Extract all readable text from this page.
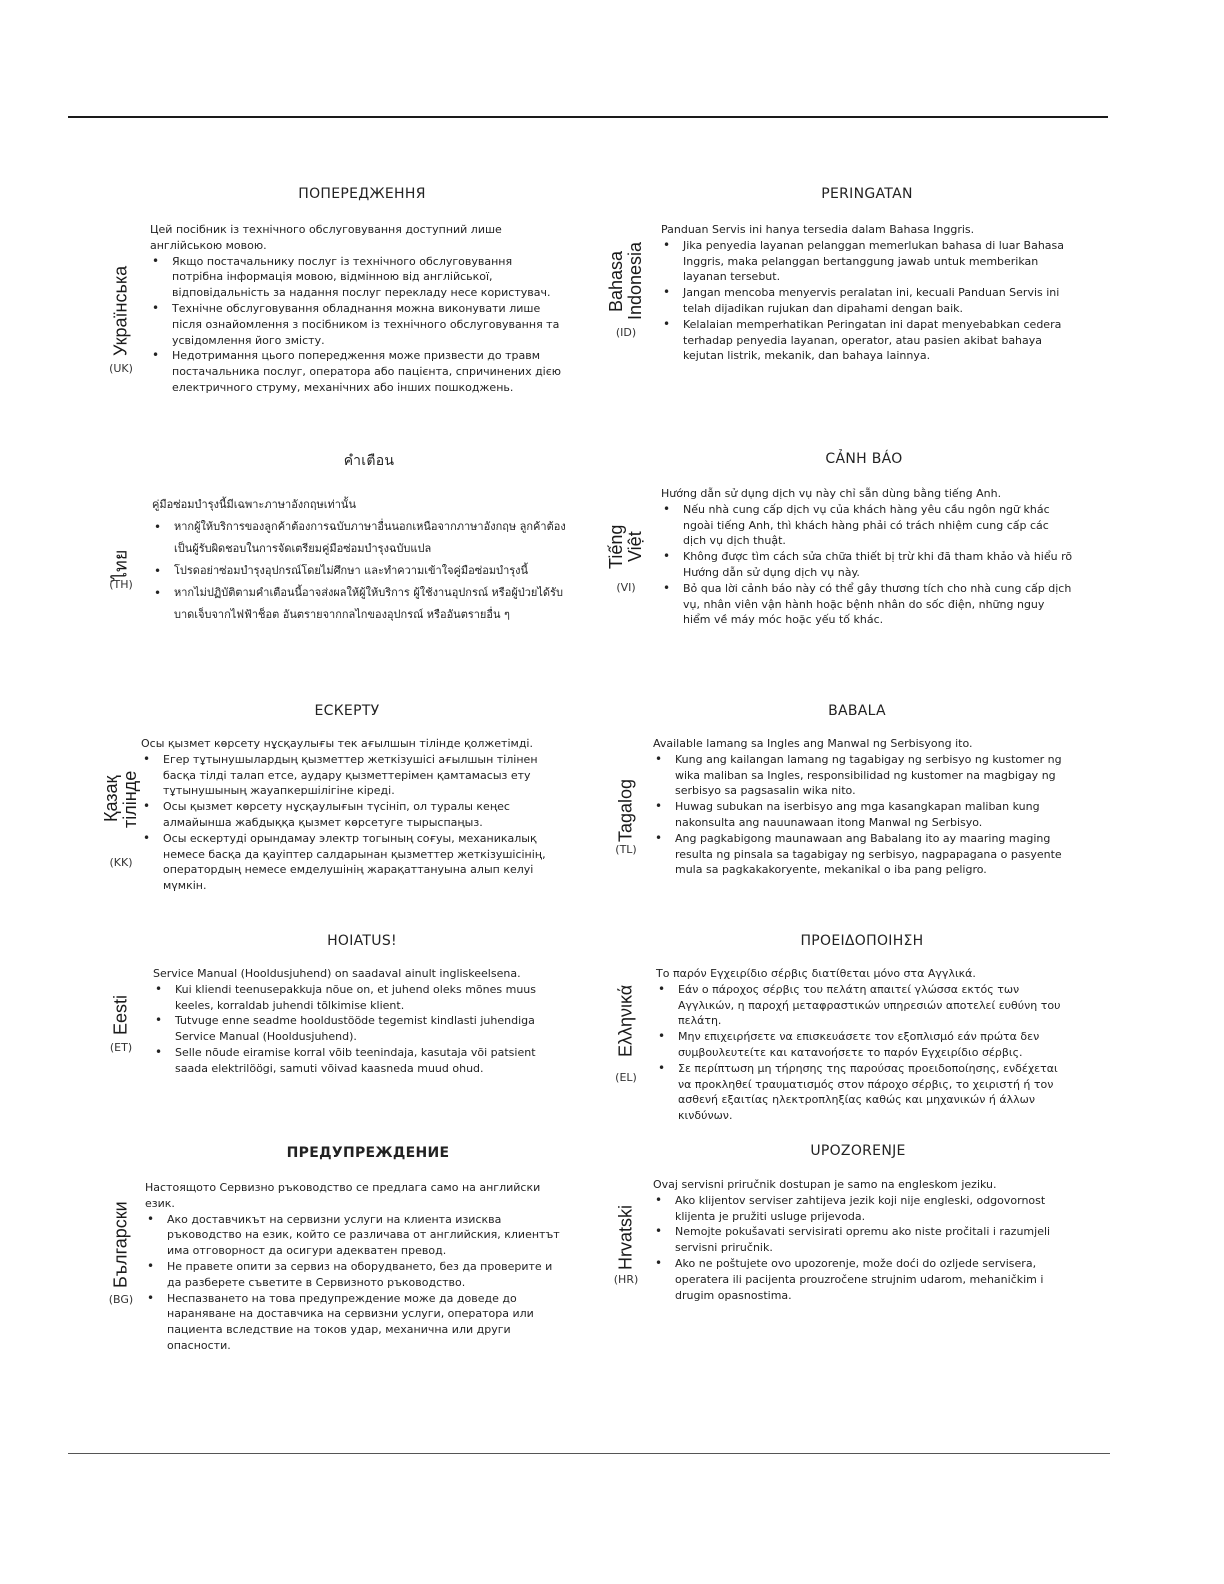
Українська
(UK)
ПОПЕРЕДЖЕННЯ

Цей посібник із технічного обслуговування доступний лише англійською мовою.

• Якщо постачальнику послуг із технічного обслуговування потрібна інформація мовою, відмінною від англійської, відповідальність за надання послуг перекладу несе користувач.
• Технічне обслуговування обладнання можна виконувати лише після ознайомлення з посібником із технічного обслуговування та усвідомлення його змісту.
• Недотримання цього попередження може призвести до травм постачальника послуг, оператора або пацієнта, спричинених дією електричного струму, механічних або інших пошкоджень.
Bahasa
Indonesia
(ID)
PERINGATAN

Panduan Servis ini hanya tersedia dalam Bahasa Inggris.

• Jika penyedia layanan pelanggan memerlukan bahasa di luar Bahasa Inggris, maka pelanggan bertanggung jawab untuk memberikan layanan tersebut.
• Jangan mencoba menyervis peralatan ini, kecuali Panduan Servis ini telah dijadikan rujukan dan dipahami dengan baik.
• Kelalaian memperhatikan Peringatan ini dapat menyebabkan cedera terhadap penyedia layanan, operator, atau pasien akibat bahaya kejutan listrik, mekanik, dan bahaya lainnya.
ไทย
(TH)
คำเตือน

คู่มือซ่อมบำรุงนี้มีเฉพาะภาษาอังกฤษเท่านั้น

• หากผู้ให้บริการของลูกค้าต้องการฉบับภาษาอื่นนอกเหนือจากภาษาอังกฤษ ลูกค้าต้องเป็นผู้รับผิดชอบในการจัดเตรียมคู่มือซ่อมบำรุงฉบับแปล
• โปรดอย่าซ่อมบำรุงอุปกรณ์โดยไม่ศึกษา และทำความเข้าใจคู่มือซ่อมบำรุงนี้
• หากไม่ปฏิบัติตามคำเตือนนี้อาจส่งผลให้ผู้ให้บริการ ผู้ใช้งานอุปกรณ์ หรือผู้ป่วยได้รับบาดเจ็บจากไฟฟ้าช็อต อันตรายจากกลไกของอุปกรณ์ หรืออันตรายอื่น ๆ
Tiếng Việt
(VI)
CẢNH BÁO

Hướng dẫn sử dụng dịch vụ này chỉ sẵn dùng bằng tiếng Anh.

• Nếu nhà cung cấp dịch vụ của khách hàng yêu cầu ngôn ngữ khác ngoài tiếng Anh, thì khách hàng phải có trách nhiệm cung cấp các dịch vụ dịch thuật.
• Không được tìm cách sửa chữa thiết bị trừ khi đã tham khảo và hiểu rõ Hướng dẫn sử dụng dịch vụ này.
• Bỏ qua lời cảnh báo này có thể gây thương tích cho nhà cung cấp dịch vụ, nhân viên vận hành hoặc bệnh nhân do sốc điện, những nguy hiểm về máy móc hoặc yếu tố khác.
Қазақ тілінде
(KK)
ЕСКЕРТУ

Осы қызмет көрсету нұсқаулығы тек ағылшын тілінде қолжетімді.

• Егер тұтынушылардың қызметтер жеткізушісі ағылшын тілінен басқа тілді талап етсе, аудару қызметтерімен қамтамасыз ету тұтынушының жауапкершілігіне кіреді.
• Осы қызмет көрсету нұсқаулығын түсініп, ол туралы кеңес алмайынша жабдыққа қызмет көрсетуге тырыспаңыз.
• Осы ескертуді орындамау электр тогының соғуы, механикалық немесе басқа да қауіптер салдарынан қызметтер жеткізушісінің, оператордың немесе емделушінің жарақаттануына алып келуі мүмкін.
Tagalog
(TL)
BABALA

Available lamang sa Ingles ang Manwal ng Serbisyong ito.

• Kung ang kailangan lamang ng tagabigay ng serbisyo ng kustomer ng wika maliban sa Ingles, responsibilidad ng kustomer na magbigay ng serbisyo sa pagsasalin wika nito.
• Huwag subukan na iserbisyo ang mga kasangkapan maliban kung nakonsulta ang nauunawaan itong Manwal ng Serbisyo.
• Ang pagkabigong maunawaan ang Babalang ito ay maaring maging resulta ng pinsala sa tagabigay ng serbisyo, nagpapagana o pasyente mula sa pagkakakoryente, mekanikal o iba pang peligro.
Eesti
(ET)
HOIATUS!

Service Manual (Hooldusjuhend) on saadaval ainult ingliskeelsena.

• Kui kliendi teenusepakkuja nõue on, et juhend oleks mõnes muus keeles, korraldab juhendi tõlkimise klient.
• Tutvuge enne seadme hooldustööde tegemist kindlasti juhendiga Service Manual (Hooldusjuhend).
• Selle nõude eiramise korral võib teenindaja, kasutaja või patsient saada elektrilöögi, samuti võivad kaasneda muud ohud.
Ελληνικά
(EL)
ΠΡΟΕΙΔΟΠΟΙΗΣΗ

Το παρόν Εγχειρίδιο σέρβις διατίθεται μόνο στα Αγγλικά.

• Εάν ο πάροχος σέρβις του πελάτη απαιτεί γλώσσα εκτός των Αγγλικών, η παροχή μεταφραστικών υπηρεσιών αποτελεί ευθύνη του πελάτη.
• Μην επιχειρήσετε να επισκευάσετε τον εξοπλισμό εάν πρώτα δεν συμβουλευτείτε και κατανοήσετε το παρόν Εγχειρίδιο σέρβις.
• Σε περίπτωση μη τήρησης της παρούσας προειδοποίησης, ενδέχεται να προκληθεί τραυματισμός στον πάροχο σέρβις, το χειριστή ή τον ασθενή εξαιτίας ηλεκτροπληξίας καθώς και μηχανικών ή άλλων κινδύνων.
Български
(BG)
ПРЕДУПРЕЖДЕНИЕ

Настоящото Сервизно ръководство се предлага само на английски език.

• Ако доставчикът на сервизни услуги на клиента изисква ръководство на език, който се различава от английския, клиентът има отговорност да осигури адекватен превод.
• Не правете опити за сервиз на оборудването, без да проверите и да разберете съветите в Сервизното ръководство.
• Неспазването на това предупреждение може да доведе до нараняване на доставчика на сервизни услуги, оператора или пациента вследствие на токов удар, механична или други опасности.
Hrvatski
(HR)
UPOZORENJE

Ovaj servisni priručnik dostupan je samo na engleskom jeziku.

• Ako klijentov serviser zahtijeva jezik koji nije engleski, odgovornost klijenta je pružiti usluge prijevoda.
• Nemojte pokušavati servisirati opremu ako niste pročitali i razumjeli servisni priručnik.
• Ako ne poštujete ovo upozorenje, može doći do ozljede servisera, operatera ili pacijenta prouzročene strujnim udarom, mehaničkim i drugim opasnostima.
